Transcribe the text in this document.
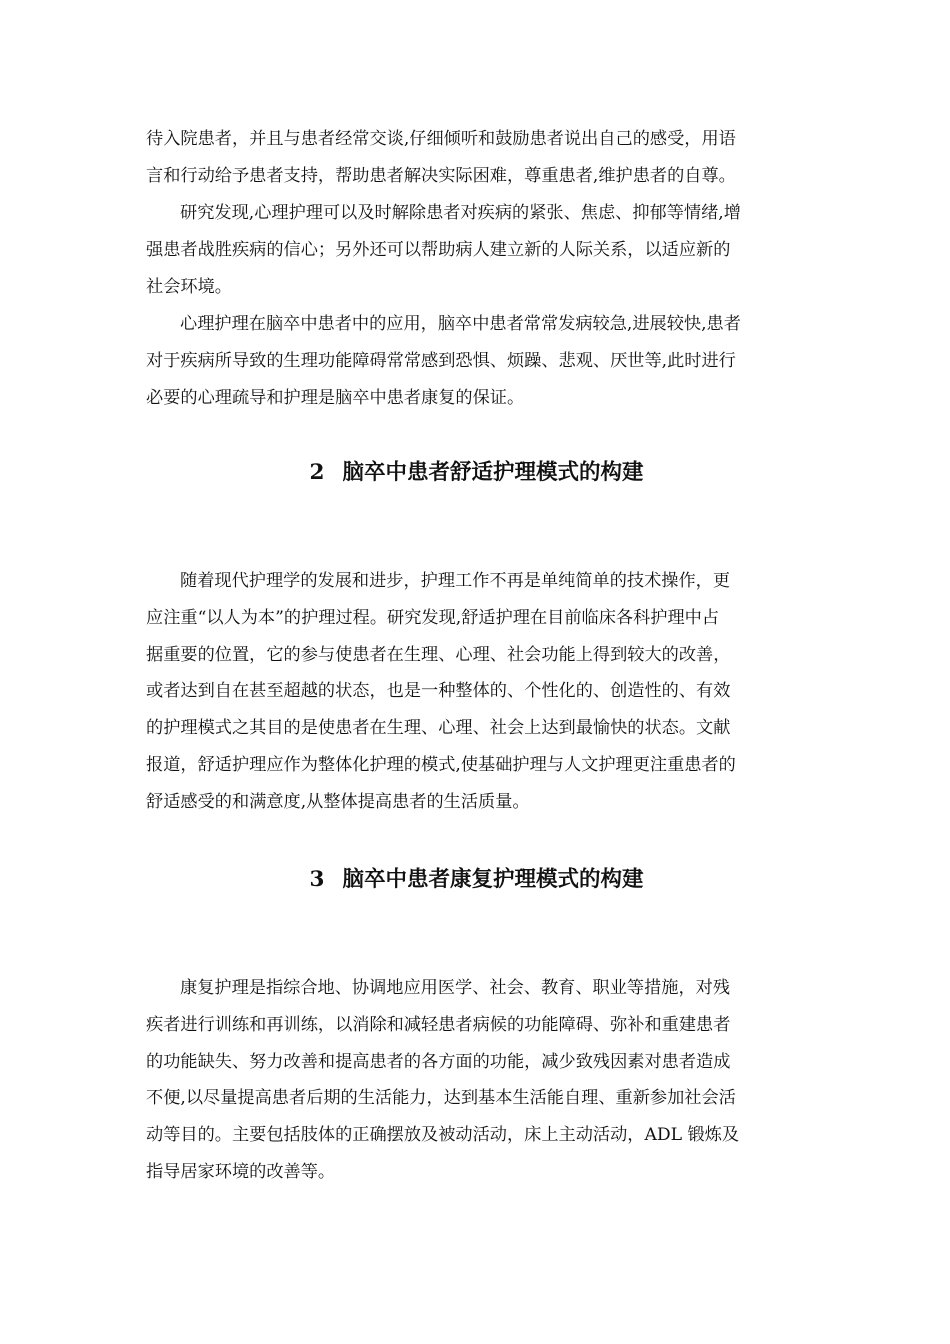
待入院患者，并且与患者经常交谈,仔细倾听和鼓励患者说出自己的感受，用语
言和行动给予患者支持，帮助患者解决实际困难，尊重患者,维护患者的自尊。

研究发现,心理护理可以及时解除患者对疾病的紧张、焦虑、抑郁等情绪,增
强患者战胜疾病的信心；另外还可以帮助病人建立新的人际关系，以适应新的
社会环境。

心理护理在脑卒中患者中的应用，脑卒中患者常常发病较急,进展较快,患者
对于疾病所导致的生理功能障碍常常感到恐惧、烦躁、悲观、厌世等,此时进行
必要的心理疏导和护理是脑卒中患者康复的保证。

2 脑卒中患者舒适护理模式的构建

随着现代护理学的发展和进步，护理工作不再是单纯简单的技术操作，更
应注重“以人为本”的护理过程。研究发现,舒适护理在目前临床各科护理中占
据重要的位置，它的参与使患者在生理、心理、社会功能上得到较大的改善，
或者达到自在甚至超越的状态，也是一种整体的、个性化的、创造性的、有效
的护理模式之其目的是使患者在生理、心理、社会上达到最愉快的状态。文献
报道，舒适护理应作为整体化护理的模式,使基础护理与人文护理更注重患者的
舒适感受的和满意度,从整体提高患者的生活质量。

3 脑卒中患者康复护理模式的构建

康复护理是指综合地、协调地应用医学、社会、教育、职业等措施，对残
疾者进行训练和再训练，以消除和减轻患者病候的功能障碍、弥补和重建患者
的功能缺失、努力改善和提高患者的各方面的功能，减少致残因素对患者造成
不便,以尽量提高患者后期的生活能力，达到基本生活能自理、重新参加社会活
动等目的。主要包括肢体的正确摆放及被动活动，床上主动活动，ADL 锻炼及
指导居家环境的改善等。
